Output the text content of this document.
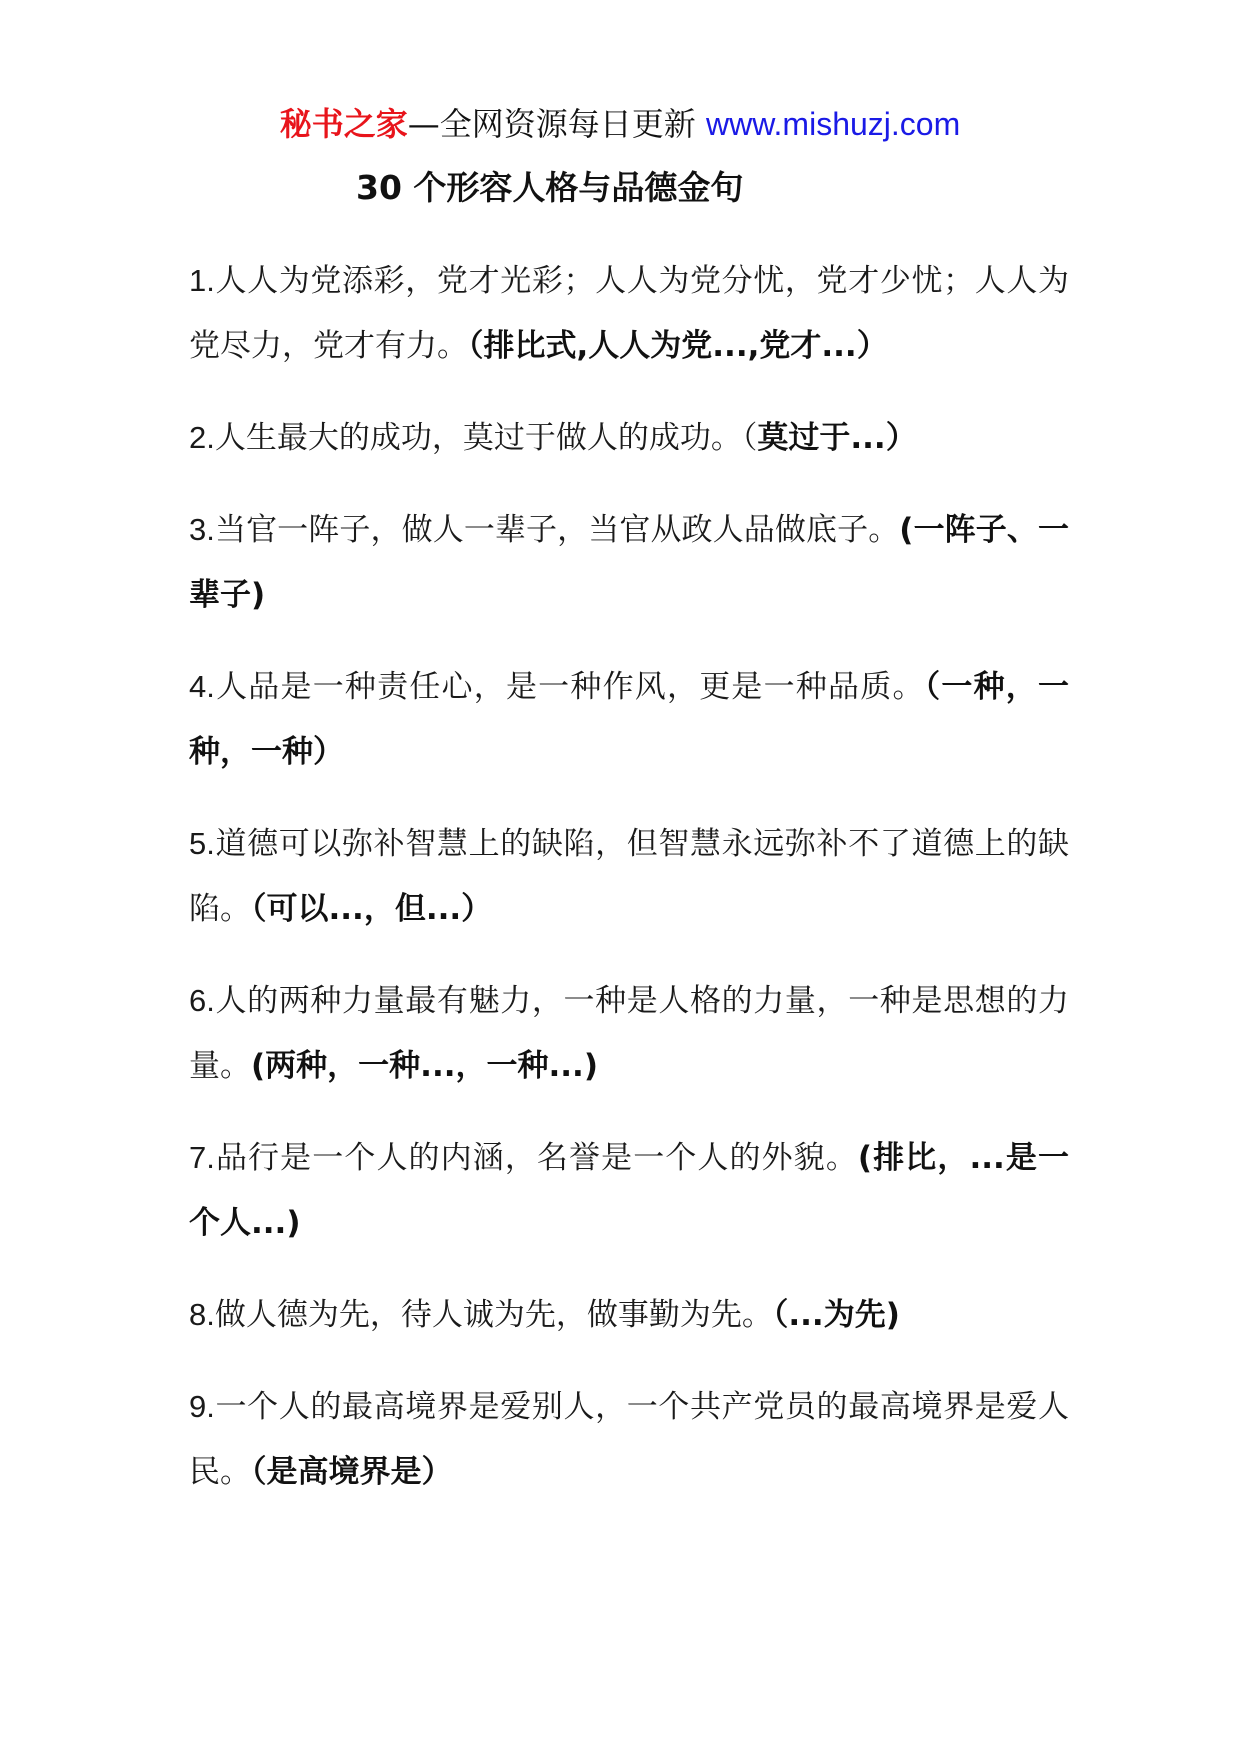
秘书之家—全网资源每日更新 www.mishuzj.com
30 个形容人格与品德金句
1.人人为党添彩，党才光彩；人人为党分忧，党才少忧；人人为党尽力，党才有力。（排比式,人人为党...,党才...）
2.人生最大的成功，莫过于做人的成功。（莫过于...）
3.当官一阵子，做人一辈子，当官从政人品做底子。(一阵子、一辈子)
4.人品是一种责任心，是一种作风，更是一种品质。（一种，一种，一种）
5.道德可以弥补智慧上的缺陷，但智慧永远弥补不了道德上的缺陷。（可以...，但...）
6.人的两种力量最有魅力，一种是人格的力量，一种是思想的力量。(两种，一种...，一种...)
7.品行是一个人的内涵，名誉是一个人的外貌。(排比，...是一个人...)
8.做人德为先，待人诚为先，做事勤为先。（...为先)
9.一个人的最高境界是爱别人，一个共产党员的最高境界是爱人民。（是高境界是）
